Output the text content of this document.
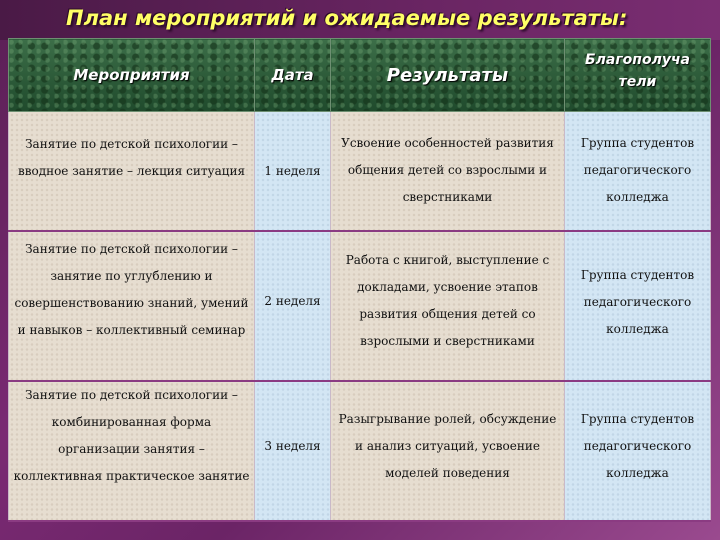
План мероприятий и ожидаемые результаты:
Мероприятия	Дата	Результаты	Благополуча тели

Занятие по детской психологии – вводное занятие – лекция ситуация	1 неделя	Усвоение особенностей развития общения детей со взрослыми и сверстниками	Группа студентов педагогического колледжа

Занятие по детской психологии – занятие по углублению и совершенствованию знаний, умений и навыков – коллективный семинар	2 неделя	Работа с книгой, выступление с докладами, усвоение этапов развития общения детей со взрослыми и сверстниками	Группа студентов педагогического колледжа

Занятие по детской психологии – комбинированная форма организации занятия – коллективная практическое занятие	3 неделя	Разыгрывание ролей, обсуждение и анализ ситуаций, усвоение моделей поведения	Группа студентов педагогического колледжа
